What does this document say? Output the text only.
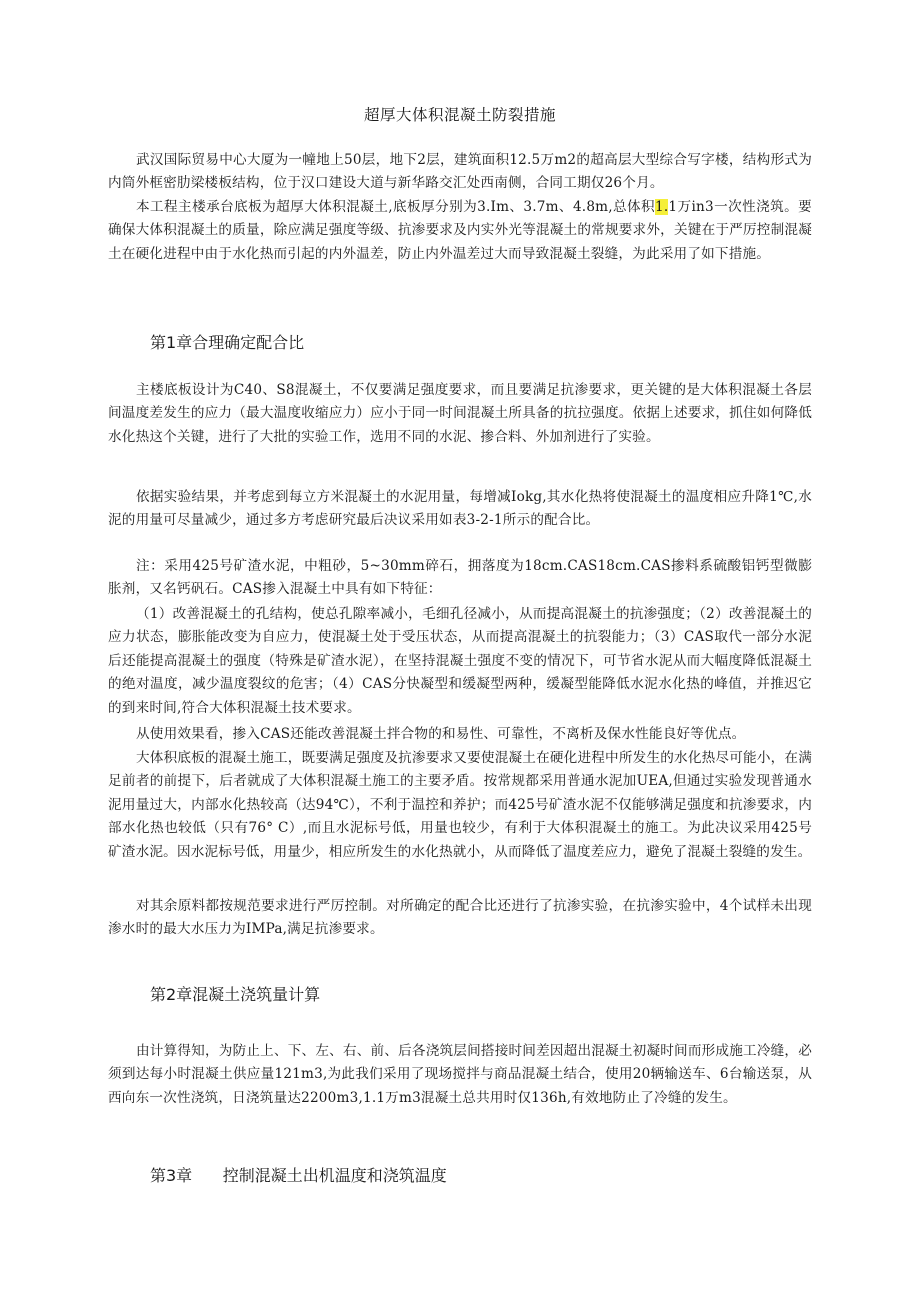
超厚大体积混凝土防裂措施

武汉国际贸易中心大厦为一幢地上50层，地下2层，建筑面积12.5万m2的超高层大型综合写字楼，结构形式为内筒外框密肋梁楼板结构，位于汉口建设大道与新华路交汇处西南侧，合同工期仅26个月。

本工程主楼承台底板为超厚大体积混凝土,底板厚分别为3.Im、3.7m、4.8m,总体积1.1万in3一次性浇筑。要确保大体积混凝土的质量，除应满足强度等级、抗渗要求及内实外光等混凝土的常规要求外，关键在于严厉控制混凝土在硬化进程中由于水化热而引起的内外温差，防止内外温差过大而导致混凝土裂缝，为此采用了如下措施。

第1章合理确定配合比

主楼底板设计为C40、S8混凝土，不仅要满足强度要求，而且要满足抗渗要求，更关键的是大体积混凝土各层间温度差发生的应力（最大温度收缩应力）应小于同一时间混凝土所具备的抗拉强度。依据上述要求，抓住如何降低水化热这个关键，进行了大批的实验工作，选用不同的水泥、掺合料、外加剂进行了实验。

依据实验结果，并考虑到每立方米混凝土的水泥用量，每增减Iokg,其水化热将使混凝土的温度相应升降1℃,水泥的用量可尽量减少，通过多方考虑研究最后决议采用如表3-2-1所示的配合比。

注：采用425号矿渣水泥，中粗砂，5~30mm碎石，拥落度为18cm.CAS18cm.CAS掺料系硫酸铝钙型微膨胀剂，又名钙矾石。CAS掺入混凝土中具有如下特征：

（1）改善混凝土的孔结构，使总孔隙率减小，毛细孔径减小，从而提高混凝土的抗渗强度；（2）改善混凝土的应力状态，膨胀能改变为自应力，使混凝土处于受压状态，从而提高混凝土的抗裂能力；（3）CAS取代一部分水泥后还能提高混凝土的强度（特殊是矿渣水泥），在坚持混凝土强度不变的情况下，可节省水泥从而大幅度降低混凝土的绝对温度，减少温度裂纹的危害；（4）CAS分快凝型和缓凝型两种，缓凝型能降低水泥水化热的峰值，并推迟它的到来时间,符合大体积混凝土技术要求。

从使用效果看，掺入CAS还能改善混凝土拌合物的和易性、可靠性，不离析及保水性能良好等优点。

大体积底板的混凝土施工，既要满足强度及抗渗要求又要使混凝土在硬化进程中所发生的水化热尽可能小，在满足前者的前提下，后者就成了大体积混凝土施工的主要矛盾。按常规都采用普通水泥加UEA,但通过实验发现普通水泥用量过大，内部水化热较高（达94℃），不利于温控和养护；而425号矿渣水泥不仅能够满足强度和抗渗要求，内部水化热也较低（只有76° C）,而且水泥标号低，用量也较少，有利于大体积混凝土的施工。为此决议采用425号矿渣水泥。因水泥标号低，用量少，相应所发生的水化热就小，从而降低了温度差应力，避免了混凝土裂缝的发生。

对其余原料都按规范要求进行严厉控制。对所确定的配合比还进行了抗渗实验，在抗渗实验中，4个试样未出现渗水时的最大水压力为IMPa,满足抗渗要求。

第2章混凝土浇筑量计算

由计算得知，为防止上、下、左、右、前、后各浇筑层间搭接时间差因超出混凝土初凝时间而形成施工冷缝，必须到达每小时混凝土供应量121m3,为此我们采用了现场搅拌与商品混凝土结合，使用20辆输送车、6台输送泵，从西向东一次性浇筑，日浇筑量达2200m3,1.1万m3混凝土总共用时仅136h,有效地防止了冷缝的发生。

第3章      控制混凝土出机温度和浇筑温度
